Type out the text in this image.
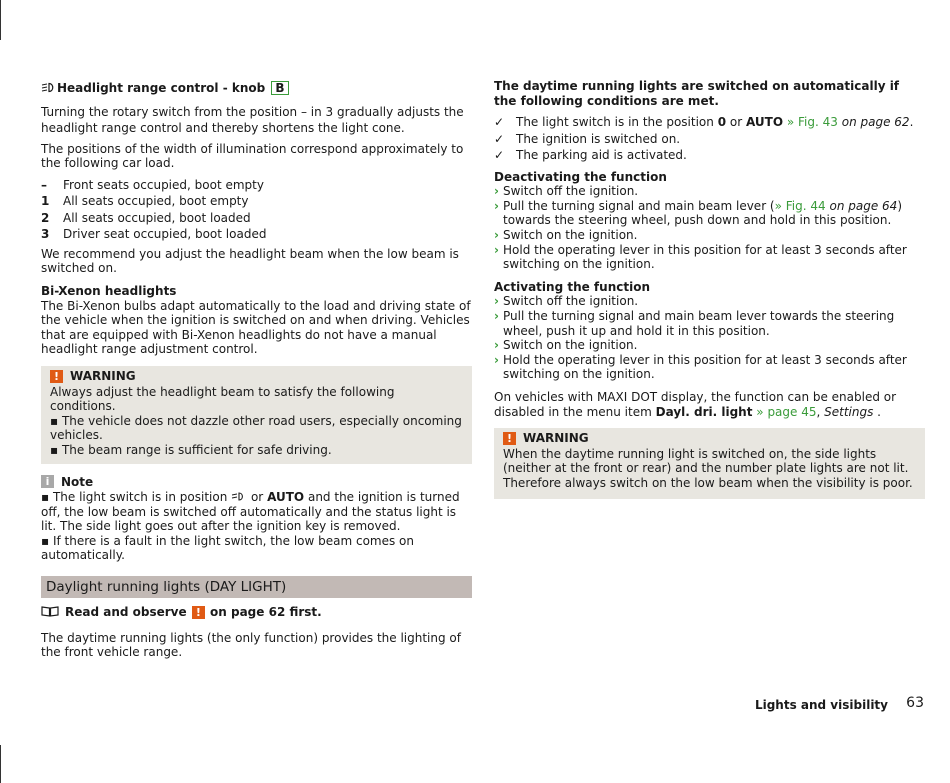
Headlight range control - knob B

Turning the rotary switch from the position – in 3 gradually adjusts the headlight range control and thereby shortens the light cone.

The positions of the width of illumination correspond approximately to the following car load.

–	Front seats occupied, boot empty
1	All seats occupied, boot empty
2	All seats occupied, boot loaded
3	Driver seat occupied, boot loaded

We recommend you adjust the headlight beam when the low beam is switched on.

Bi-Xenon headlights

The Bi-Xenon bulbs adapt automatically to the load and driving state of the vehicle when the ignition is switched on and when driving. Vehicles that are equipped with Bi-Xenon headlights do not have a manual headlight range adjustment control.

! WARNING

Always adjust the headlight beam to satisfy the following conditions.

▪ The vehicle does not dazzle other road users, especially oncoming vehicles.

▪ The beam range is sufficient for safe driving.

i Note

▪ The light switch is in position or AUTO and the ignition is turned off, the low beam is switched off automatically and the status light is lit. The side light goes out after the ignition key is removed.

▪ If there is a fault in the light switch, the low beam comes on automatically.

Daylight running lights (DAY LIGHT)

Read and observe ! on page 62 first.

The daytime running lights (the only function) provides the lighting of the front vehicle range.

The daytime running lights are switched on automatically if the following conditions are met.

✓ The light switch is in the position 0 or AUTO » Fig. 43 on page 62.
✓ The ignition is switched on.
✓ The parking aid is activated.

Deactivating the function

› Switch off the ignition.
› Pull the turning signal and main beam lever (» Fig. 44 on page 64) towards the steering wheel, push down and hold in this position.
› Switch on the ignition.
› Hold the operating lever in this position for at least 3 seconds after switching on the ignition.

Activating the function

› Switch off the ignition.
› Pull the turning signal and main beam lever towards the steering wheel, push it up and hold it in this position.
› Switch on the ignition.
› Hold the operating lever in this position for at least 3 seconds after switching on the ignition.

On vehicles with MAXI DOT display, the function can be enabled or disabled in the menu item Dayl. dri. light » page 45, Settings .

! WARNING

When the daytime running light is switched on, the side lights (neither at the front or rear) and the number plate lights are not lit. Therefore always switch on the low beam when the visibility is poor.

Lights and visibility 63
